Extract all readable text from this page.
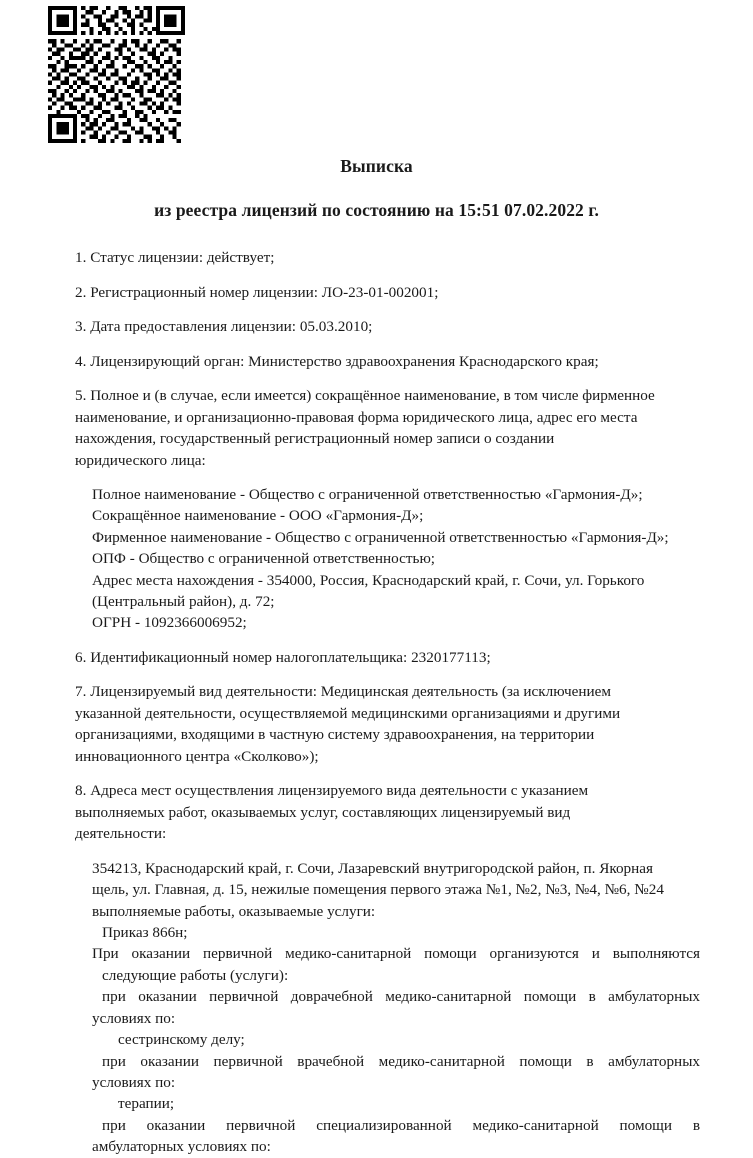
Выписка
из реестра лицензий по состоянию на 15:51 07.02.2022 г.

1. Статус лицензии: действует;

2. Регистрационный номер лицензии: ЛО-23-01-002001;

3. Дата предоставления лицензии: 05.03.2010;

4. Лицензирующий орган: Министерство здравоохранения Краснодарского края;

5. Полное и (в случае, если имеется) сокращённое наименование, в том числе фирменное
наименование, и организационно-правовая форма юридического лица, адрес его места
нахождения, государственный регистрационный номер записи о создании
юридического лица:

Полное наименование - Общество с ограниченной ответственностью «Гармония-Д»;
Сокращённое наименование - ООО «Гармония-Д»;
Фирменное наименование - Общество с ограниченной ответственностью «Гармония-Д»;
ОПФ - Общество с ограниченной ответственностью;
Адрес места нахождения - 354000, Россия, Краснодарский край, г. Сочи, ул. Горького
(Центральный район), д. 72;
ОГРН - 1092366006952;

6. Идентификационный номер налогоплательщика: 2320177113;

7. Лицензируемый вид деятельности: Медицинская деятельность (за исключением
указанной деятельности, осуществляемой медицинскими организациями и другими
организациями, входящими в частную систему здравоохранения, на территории
инновационного центра «Сколково»);

8. Адреса мест осуществления лицензируемого вида деятельности с указанием
выполняемых работ, оказываемых услуг, составляющих лицензируемый вид
деятельности:

354213, Краснодарский край, г. Сочи, Лазаревский внутригородской район, п. Якорная
щель, ул. Главная, д. 15, нежилые помещения первого этажа №1, №2, №3, №4, №6, №24
выполняемые работы, оказываемые услуги:
Приказ 866н;
При оказании первичной медико-санитарной помощи организуются и выполняются
следующие работы (услуги):
при оказании первичной доврачебной медико-санитарной помощи в амбулаторных
условиях по:
сестринскому делу;
при оказании первичной врачебной медико-санитарной помощи в амбулаторных
условиях по:
терапии;
при оказании первичной специализированной медико-санитарной помощи в
амбулаторных условиях по:
